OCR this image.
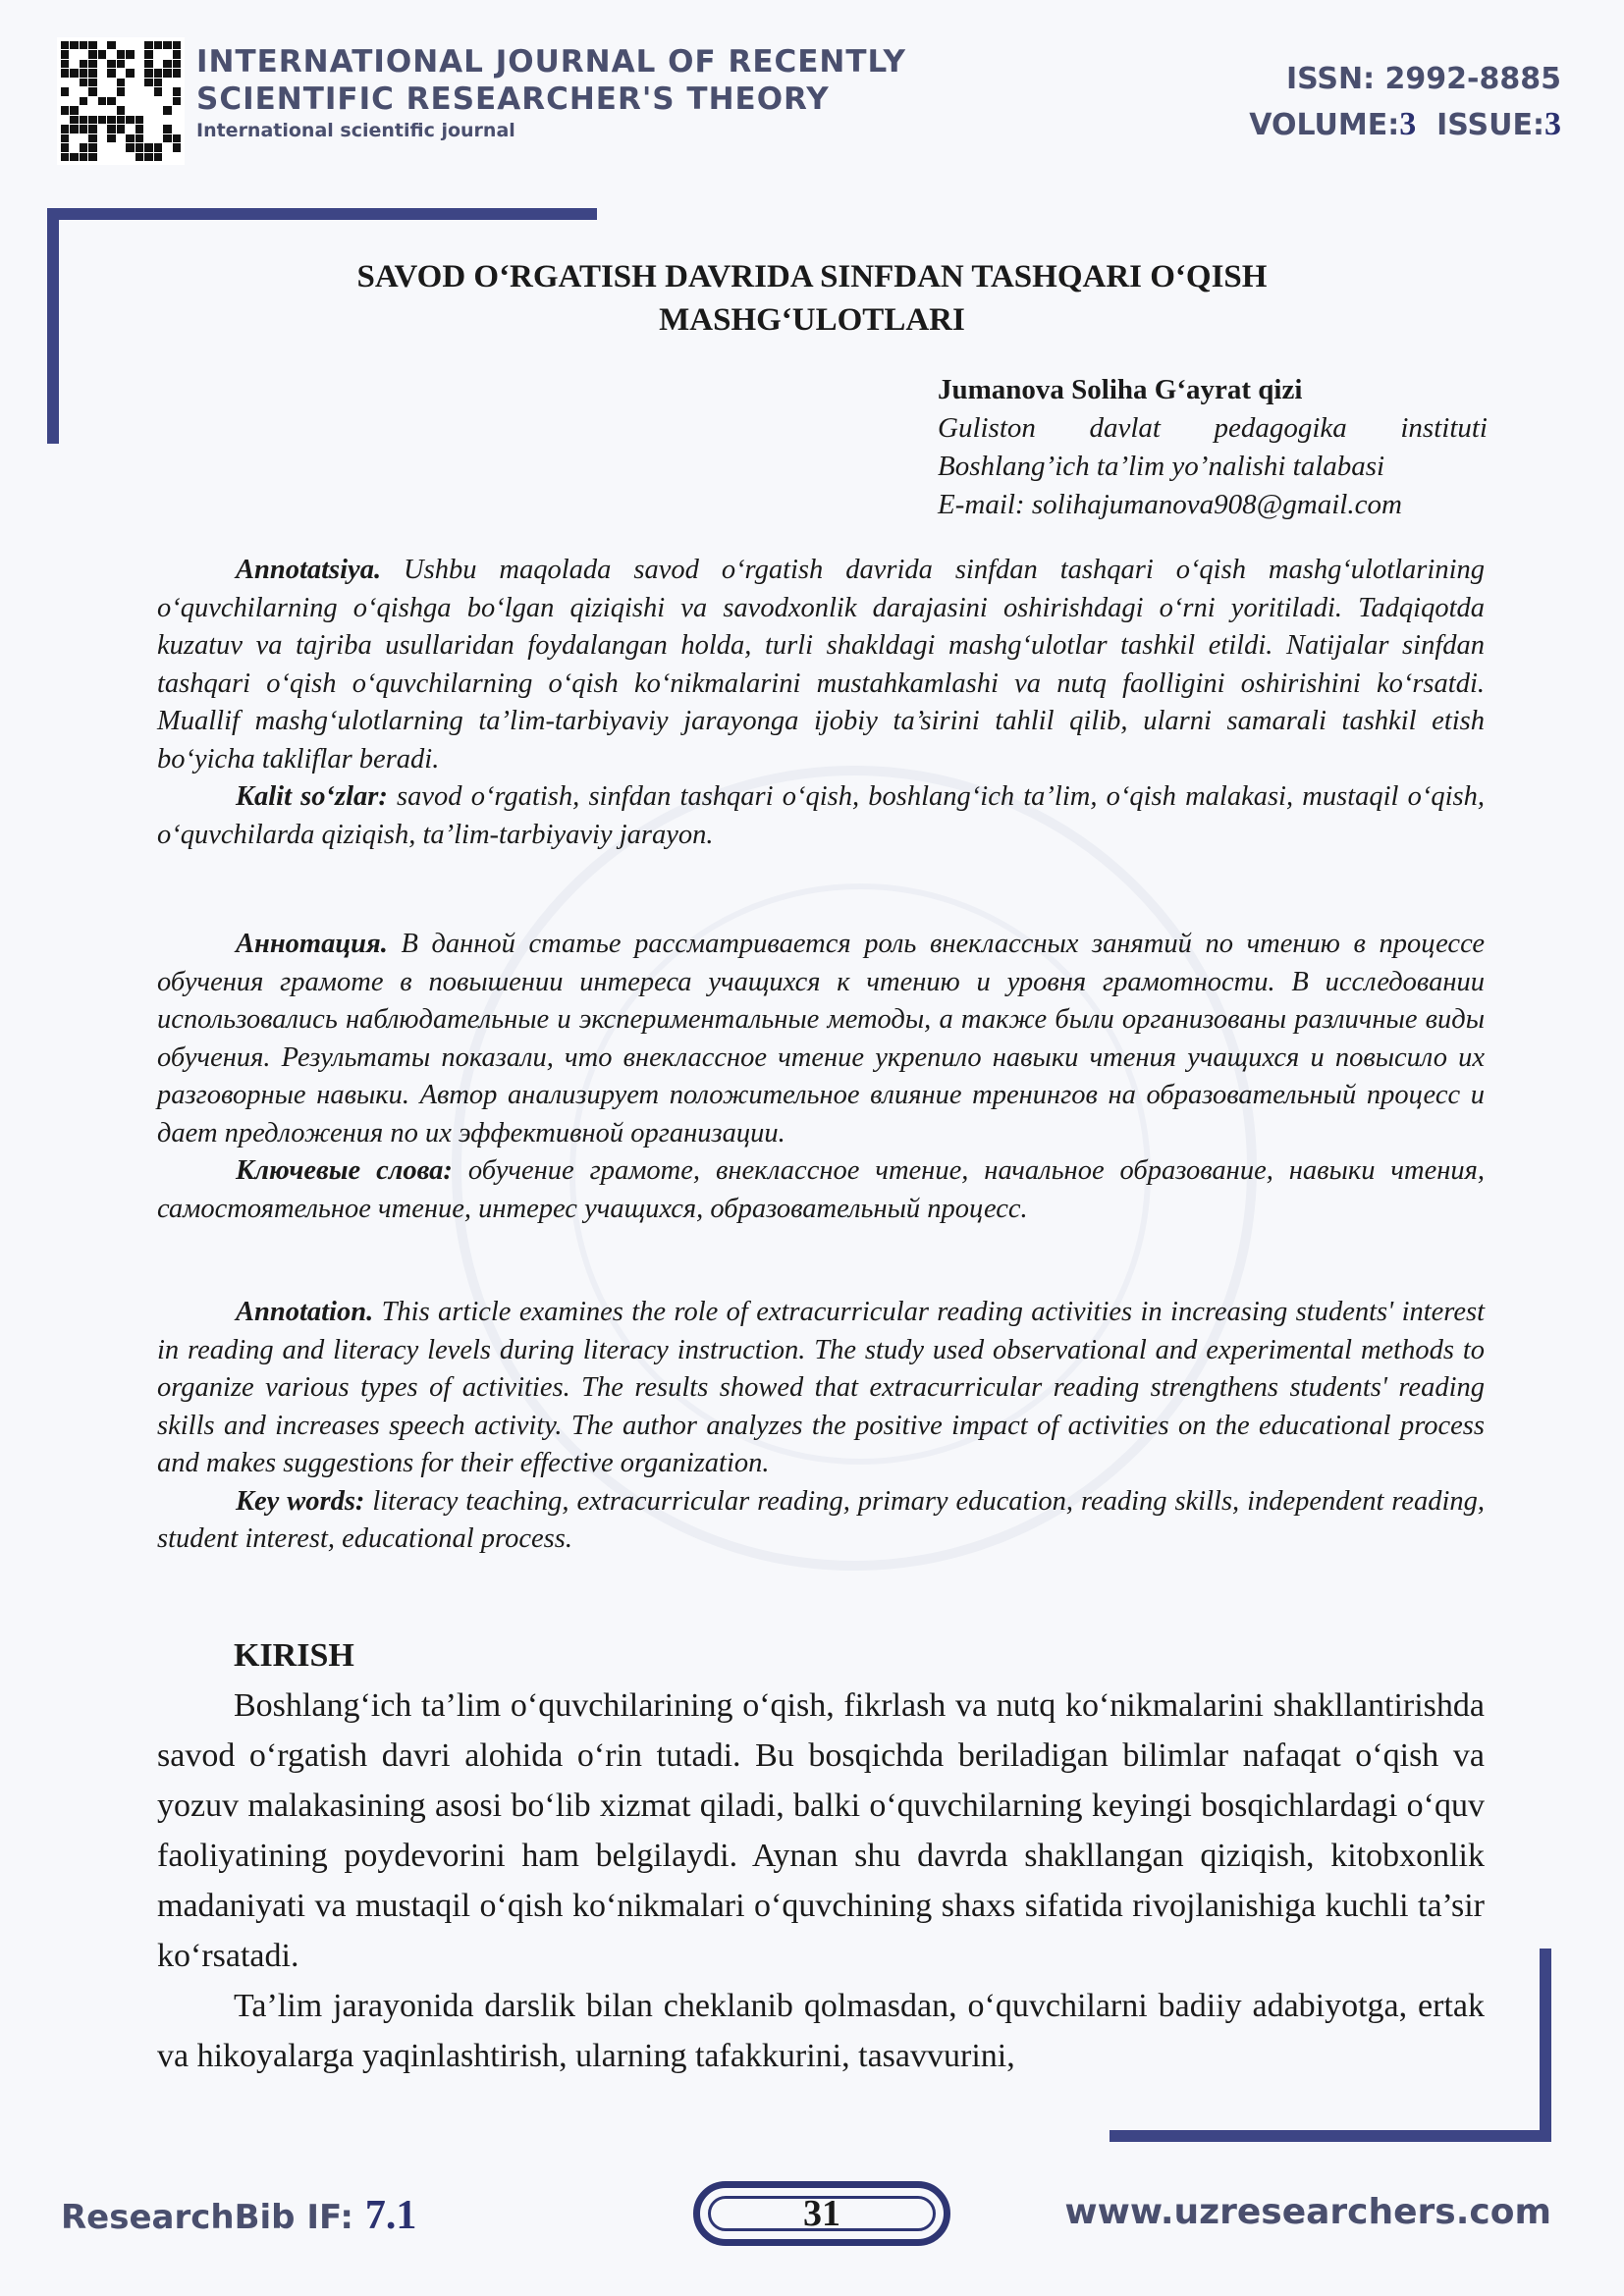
INTERNATIONAL JOURNAL OF RECENTLY
SCIENTIFIC RESEARCHER'S THEORY
International scientific journal
ISSN: 2992-8885
VOLUME:3 ISSUE:3
SAVOD O‘RGATISH DAVRIDA SINFDAN TASHQARI O‘QISH
MASHG‘ULOTLARI
Jumanova Soliha G‘ayrat qizi
Guliston davlat pedagogika instituti
Boshlang’ich ta’lim yo’nalishi talabasi
E-mail: solihajumanova908@gmail.com

Annotatsiya. Ushbu maqolada savod o‘rgatish davrida sinfdan tashqari o‘qish mashg‘ulotlarining o‘quvchilarning o‘qishga bo‘lgan qiziqishi va savodxonlik darajasini oshirishdagi o‘rni yoritiladi. Tadqiqotda kuzatuv va tajriba usullaridan foydalangan holda, turli shakldagi mashg‘ulotlar tashkil etildi. Natijalar sinfdan tashqari o‘qish o‘quvchilarning o‘qish ko‘nikmalarini mustahkamlashi va nutq faolligini oshirishini ko‘rsatdi. Muallif mashg‘ulotlarning ta’lim-tarbiyaviy jarayonga ijobiy ta’sirini tahlil qilib, ularni samarali tashkil etish bo‘yicha takliflar beradi.

Kalit so‘zlar: savod o‘rgatish, sinfdan tashqari o‘qish, boshlang‘ich ta’lim, o‘qish malakasi, mustaqil o‘qish, o‘quvchilarda qiziqish, ta’lim-tarbiyaviy jarayon.

Аннотация. В данной статье рассматривается роль внеклассных занятий по чтению в процессе обучения грамоте в повышении интереса учащихся к чтению и уровня грамотности. В исследовании использовались наблюдательные и экспериментальные методы, а также были организованы различные виды обучения. Результаты показали, что внеклассное чтение укрепило навыки чтения учащихся и повысило их разговорные навыки. Автор анализирует положительное влияние тренингов на образовательный процесс и дает предложения по их эффективной организации.

Ключевые слова: обучение грамоте, внеклассное чтение, начальное образование, навыки чтения, самостоятельное чтение, интерес учащихся, образовательный процесс.

Annotation. This article examines the role of extracurricular reading activities in increasing students' interest in reading and literacy levels during literacy instruction. The study used observational and experimental methods to organize various types of activities. The results showed that extracurricular reading strengthens students' reading skills and increases speech activity. The author analyzes the positive impact of activities on the educational process and makes suggestions for their effective organization.

Key words: literacy teaching, extracurricular reading, primary education, reading skills, independent reading, student interest, educational process.

KIRISH

Boshlang‘ich ta’lim o‘quvchilarining o‘qish, fikrlash va nutq ko‘nikmalarini shakllantirishda savod o‘rgatish davri alohida o‘rin tutadi. Bu bosqichda beriladigan bilimlar nafaqat o‘qish va yozuv malakasining asosi bo‘lib xizmat qiladi, balki o‘quvchilarning keyingi bosqichlardagi o‘quv faoliyatining poydevorini ham belgilaydi. Aynan shu davrda shakllangan qiziqish, kitobxonlik madaniyati va mustaqil o‘qish ko‘nikmalari o‘quvchining shaxs sifatida rivojlanishiga kuchli ta’sir ko‘rsatadi.

Ta’lim jarayonida darslik bilan cheklanib qolmasdan, o‘quvchilarni badiiy adabiyotga, ertak va hikoyalarga yaqinlashtirish, ularning tafakkurini, tasavvurini,

ResearchBib IF: 7.1	31	www.uzresearchers.com
